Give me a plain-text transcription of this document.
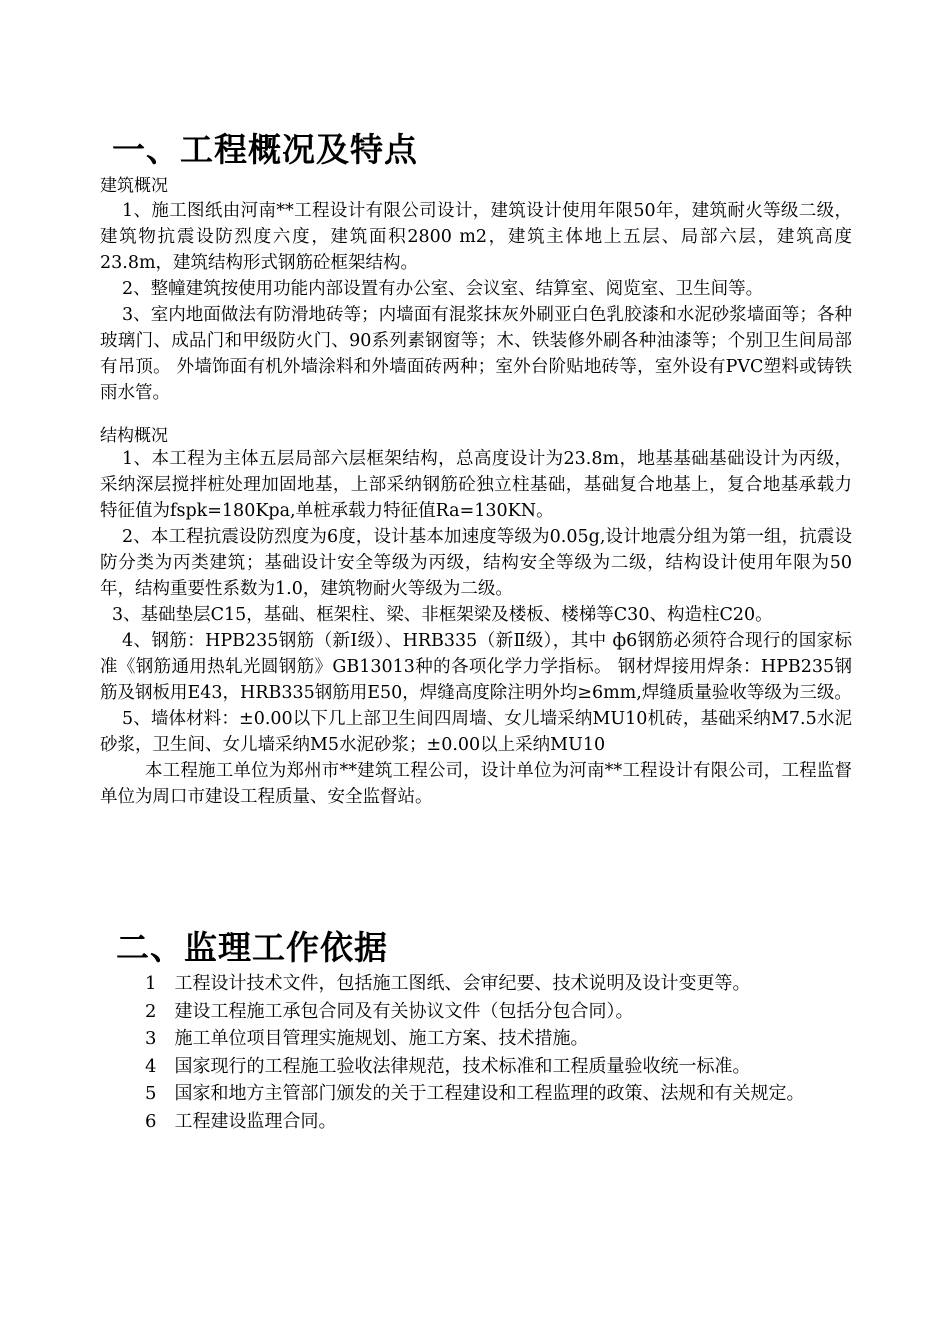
一、工程概况及特点
建筑概况

1、施工图纸由河南**工程设计有限公司设计，建筑设计使用年限50年，建筑耐火等级二级，建筑物抗震设防烈度六度，建筑面积2800 m2，建筑主体地上五层、局部六层，建筑高度23.8m，建筑结构形式钢筋砼框架结构。

2、整幢建筑按使用功能内部设置有办公室、会议室、结算室、阅览室、卫生间等。

3、室内地面做法有防滑地砖等；内墙面有混浆抹灰外刷亚白色乳胶漆和水泥砂浆墙面等；各种玻璃门、成品门和甲级防火门、90系列素钢窗等；木、铁装修外刷各种油漆等；个别卫生间局部有吊顶。 外墙饰面有机外墙涂料和外墙面砖两种；室外台阶贴地砖等，室外设有PVC塑料或铸铁雨水管。

结构概况

1、本工程为主体五层局部六层框架结构，总高度设计为23.8m，地基基础基础设计为丙级，采纳深层搅拌桩处理加固地基，上部采纳钢筋砼独立柱基础，基础复合地基上，复合地基承载力特征值为fspk=180Kpa,单桩承载力特征值Ra=130KN。

2、本工程抗震设防烈度为6度，设计基本加速度等级为0.05g,设计地震分组为第一组，抗震设防分类为丙类建筑；基础设计安全等级为丙级，结构安全等级为二级，结构设计使用年限为50年，结构重要性系数为1.0，建筑物耐火等级为二级。

3、基础垫层C15，基础、框架柱、梁、非框架梁及楼板、楼梯等C30、构造柱C20。

4、钢筋：HPB235钢筋（新Ⅰ级）、HRB335（新Ⅱ级），其中 ф6钢筋必须符合现行的国家标准《钢筋通用热轧光圆钢筋》GB13013种的各项化学力学指标。 钢材焊接用焊条：HPB235钢筋及钢板用E43，HRB335钢筋用E50，焊缝高度除注明外均≥6mm,焊缝质量验收等级为三级。

5、墙体材料：±0.00以下几上部卫生间四周墙、女儿墙采纳MU10机砖，基础采纳M7.5水泥砂浆，卫生间、女儿墙采纳M5水泥砂浆；±0.00以上采纳MU10

本工程施工单位为郑州市**建筑工程公司，设计单位为河南**工程设计有限公司，工程监督单位为周口市建设工程质量、安全监督站。

二、监理工作依据

1　工程设计技术文件，包括施工图纸、会审纪要、技术说明及设计变更等。

2　建设工程施工承包合同及有关协议文件（包括分包合同）。

3　施工单位项目管理实施规划、施工方案、技术措施。

4　国家现行的工程施工验收法律规范，技术标准和工程质量验收统一标准。

5　国家和地方主管部门颁发的关于工程建设和工程监理的政策、法规和有关规定。

6　工程建设监理合同。
